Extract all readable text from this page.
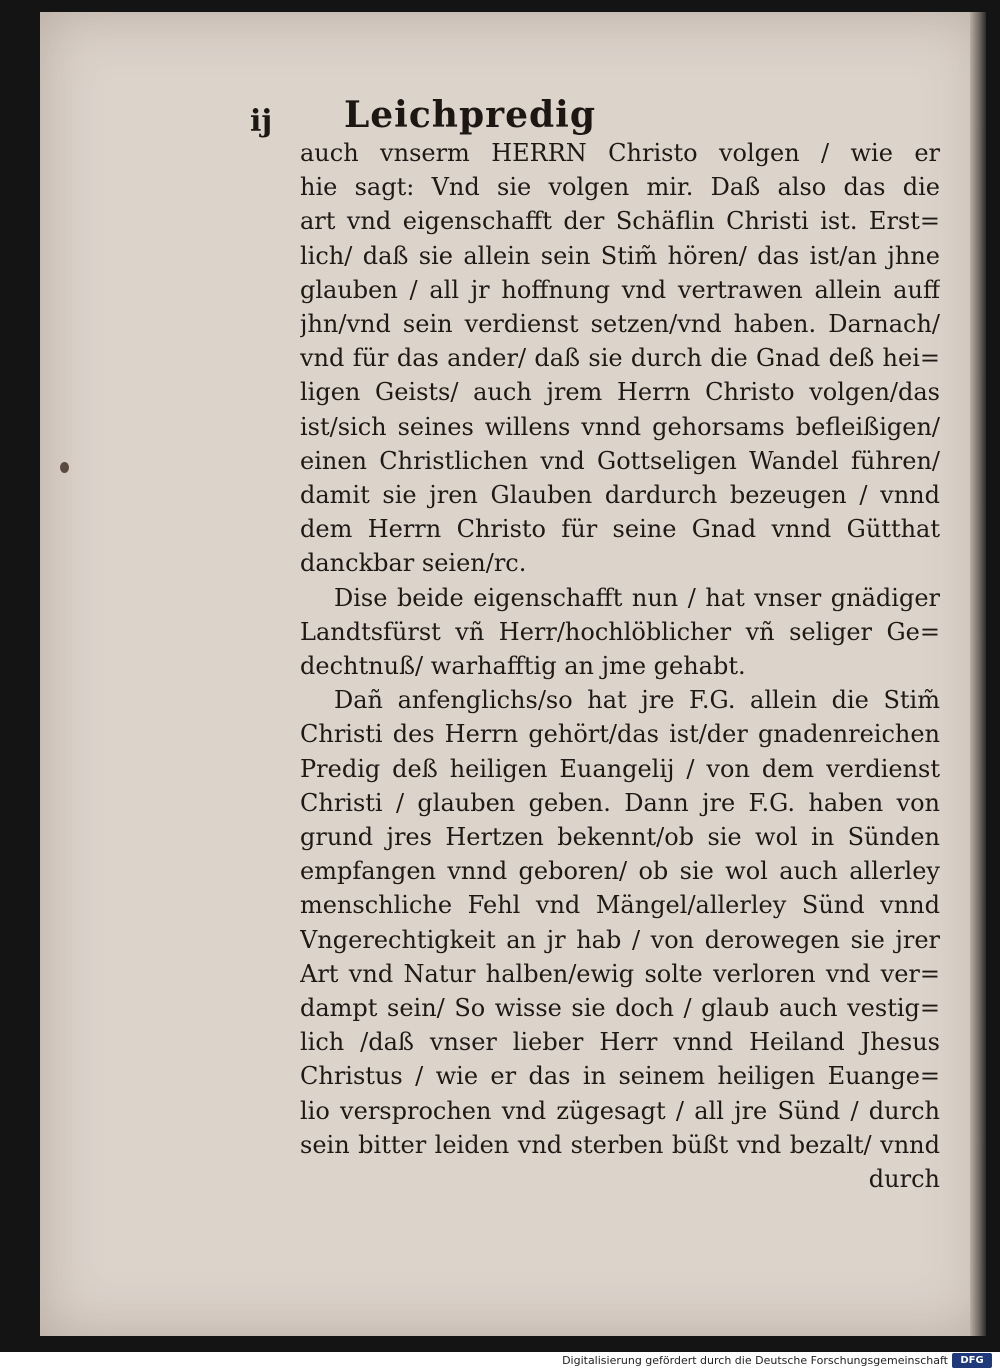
ij	Leichpredig
auch vnserm HERRN Christo volgen / wie er
hie sagt: Vnd sie volgen mir. Daß also das die
art vnd eigenschafft der Schäflin Christi ist. Erst=
lich/ daß sie allein sein Stim̃ hören/ das ist/an jhne
glauben / all jr hoffnung vnd vertrawen allein auff
jhn/vnd sein verdienst setzen/vnd haben. Darnach/
vnd für das ander/ daß sie durch die Gnad deß hei=
ligen Geists/ auch jrem Herrn Christo volgen/das
ist/sich seines willens vnnd gehorsams befleißigen/
einen Christlichen vnd Gottseligen Wandel führen/
damit sie jren Glauben dardurch bezeugen / vnnd
dem Herrn Christo für seine Gnad vnnd Gütthat
danckbar seien/rc.
Dise beide eigenschafft nun / hat vnser gnädiger
Landtsfürst vñ Herr/hochlöblicher vñ seliger Ge=
dechtnuß/ warhafftig an jme gehabt.
Dañ anfenglichs/so hat jre F.G. allein die Stim̃
Christi des Herrn gehört/das ist/der gnadenreichen
Predig deß heiligen Euangelij / von dem verdienst
Christi / glauben geben. Dann jre F.G. haben von
grund jres Hertzen bekennt/ob sie wol in Sünden
empfangen vnnd geboren/ ob sie wol auch allerley
menschliche Fehl vnd Mängel/allerley Sünd vnnd
Vngerechtigkeit an jr hab / von derowegen sie jrer
Art vnd Natur halben/ewig solte verloren vnd ver=
dampt sein/ So wisse sie doch / glaub auch vestig=
lich /daß vnser lieber Herr vnnd Heiland Jhesus
Christus / wie er das in seinem heiligen Euange=
lio versprochen vnd zügesagt / all jre Sünd / durch
sein bitter leiden vnd sterben büßt vnd bezalt/ vnnd
durch
Digitalisierung gefördert durch die Deutsche Forschungsgemeinschaft	DFG
